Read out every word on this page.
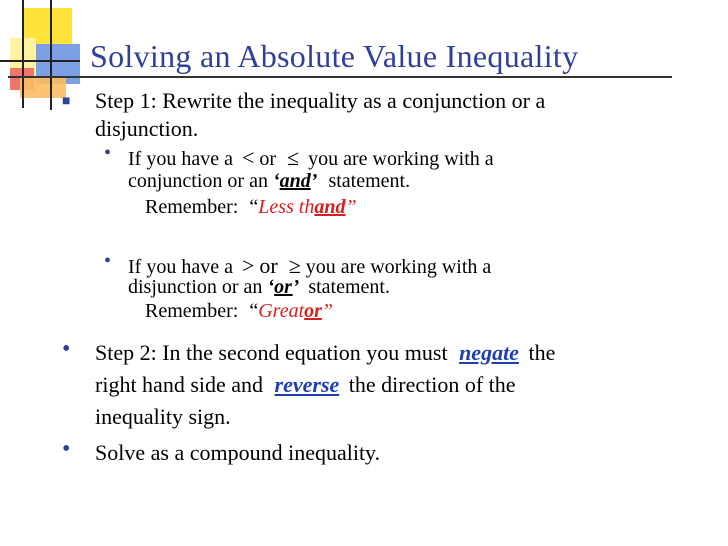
Solving an Absolute Value Inequality
■ Step 1: Rewrite the inequality as a conjunction or a
disjunction.
• If you have a < or ≤ you are working with a
conjunction or an ‘and’ statement.
Remember: “Less thand”
• If you have a > or ≥ you are working with a
disjunction or an ‘or’ statement.
Remember: “Greator”
• Step 2: In the second equation you must negate the
right hand side and reverse the direction of the
inequality sign.
• Solve as a compound inequality.
